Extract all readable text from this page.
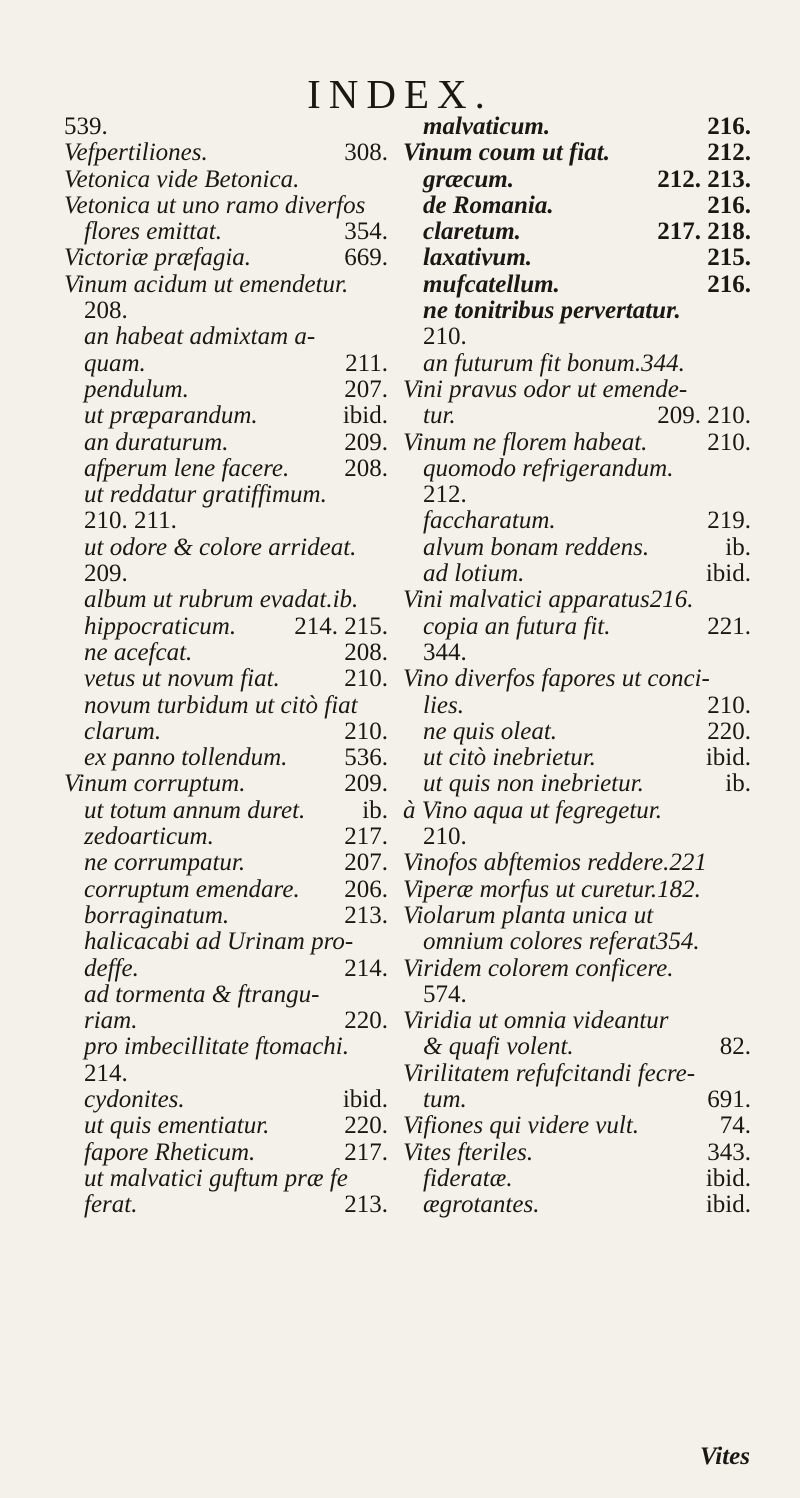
INDEX.
539.
Vefpertiliones.	308.
Vetonica vide Betonica.
Vetonica ut uno ramo diverfos
flores emittat.	354.
Victoriæ præfagia.	669.
Vinum acidum ut emendetur.
208.
an habeat admixtam a-
quam.	211.
pendulum.	207.
ut præparandum.	ibid.
an duraturum.	209.
afperum lene facere. 208.
ut reddatur gratiffimum.
210. 211.
ut odore & colore arrideat.
209.
album ut rubrum evadat.ib.
hippocraticum. 214. 215.
ne acefcat.	208.
vetus ut novum fiat.	210.
novum turbidum ut citò fiat
clarum.	210.
ex panno tollendum. 536.
Vinum corruptum.	209.
ut totum annum duret. ib.
zedoarticum.	217.
ne corrumpatur.	207.
corruptum emendare. 206.
borraginatum.	213.
halicacabi ad Urinam pro-
deffe.	214.
ad tormenta & ftrangu-
riam.	220.
pro imbecillitate ftomachi.
214.
cydonites.	ibid.
ut quis ementiatur.	220.
fapore Rheticum.	217.
ut malvatici guftum præ fe
ferat.	213.
malvaticum.	216.
Vinum coum ut fiat.	212.
græcum.	212. 213.
de Romania.	216.
claretum.	217. 218.
laxativum.	215.
mufcatellum.	216.
ne tonitribus pervertatur.
210.
an futurum fit bonum.344.
Vini pravus odor ut emende-
tur.	209. 210.
Vinum ne florem habeat. 210.
quomodo refrigerandum.
212.
faccharatum.	219.
alvum bonam reddens.	ib.
ad lotium.	ibid.
Vini malvatici apparatus216.
copia an futura fit.	221.
344.
Vino diverfos fapores ut conci-
lies.	210.
ne quis oleat.	220.
ut citò inebrietur.	ibid.
ut quis non inebrietur.	ib.
à Vino aqua ut fegregetur.
210.
Vinofos abftemios reddere.221
Viperæ morfus ut curetur.182.
Violarum planta unica ut
omnium colores referat354.
Viridem colorem conficere.
574.
Viridia ut omnia videantur
& quafi volent.	82.
Virilitatem refufcitandi fecre-
tum.	691.
Vifiones qui videre vult.	74.
Vites fteriles.	343.
fideratæ.	ibid.
ægrotantes.	ibid.
Vites
